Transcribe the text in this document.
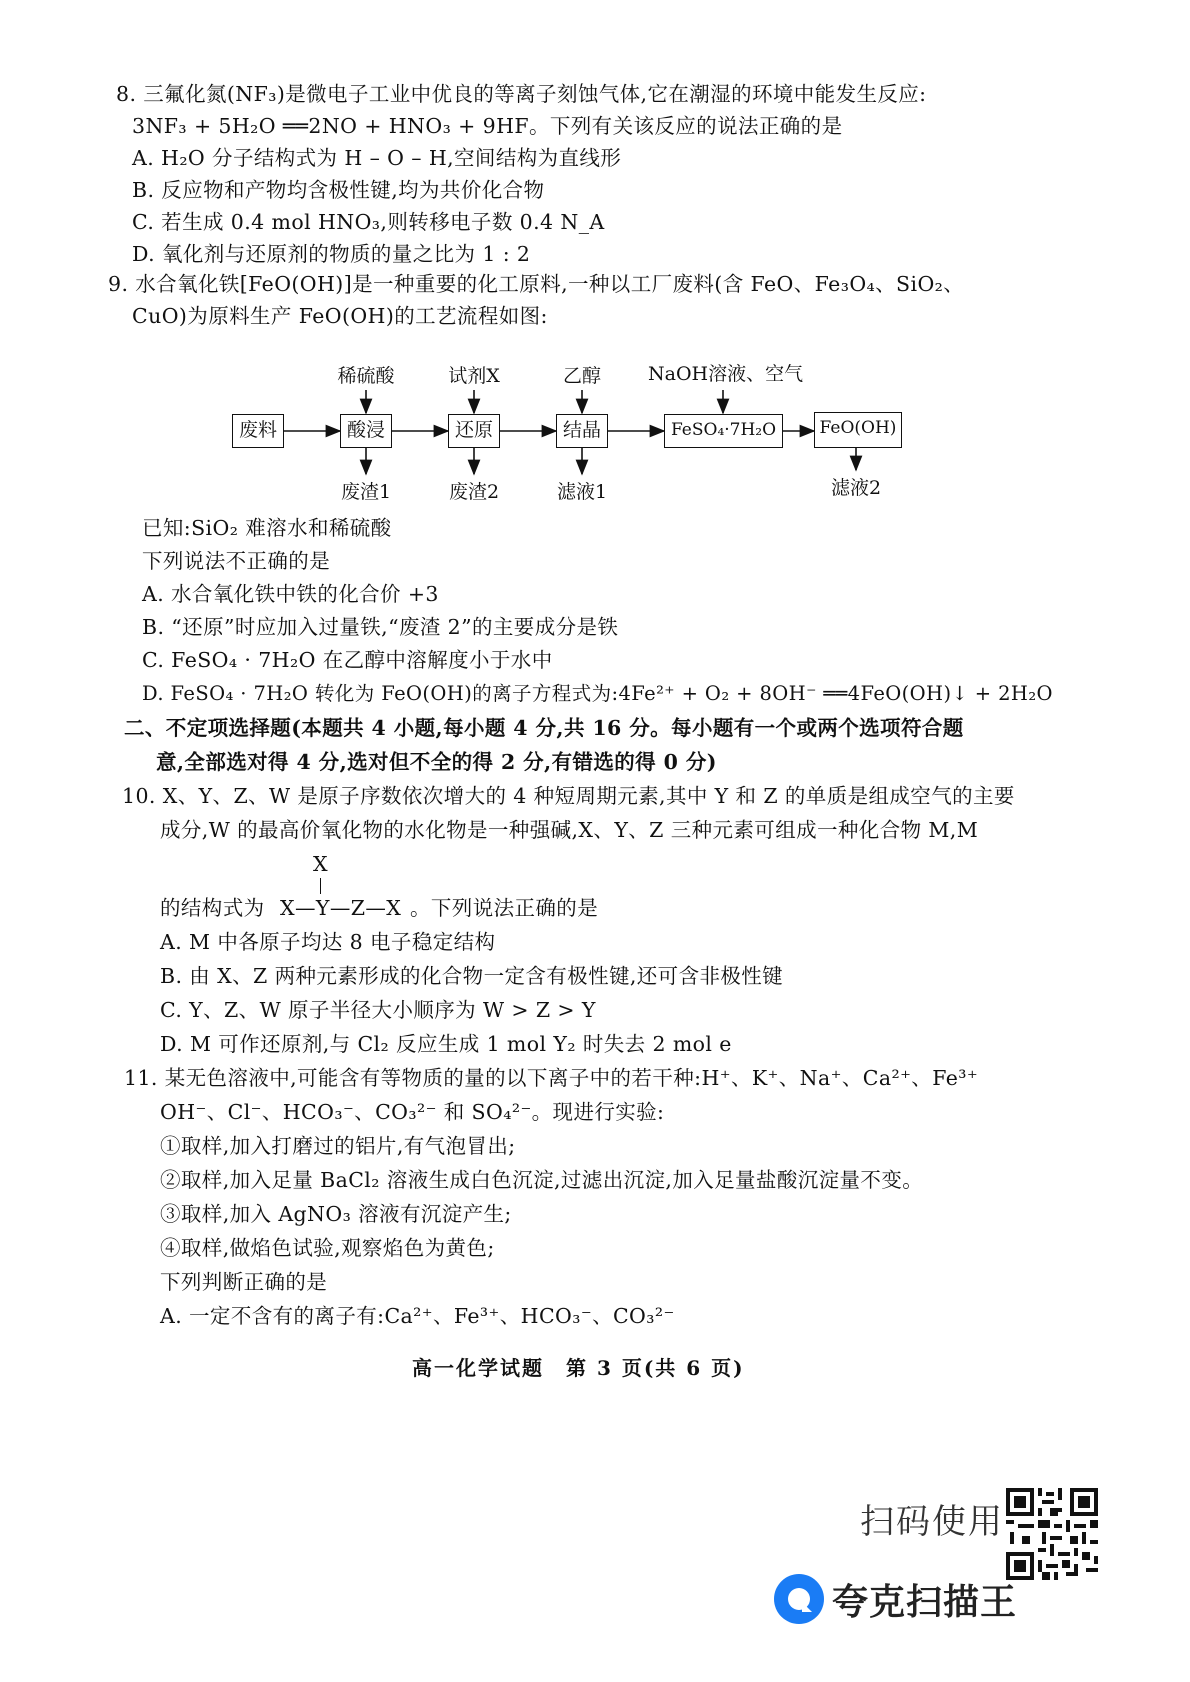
8. 三氟化氮(NF₃)是微电子工业中优良的等离子刻蚀气体,它在潮湿的环境中能发生反应:
3NF₃ + 5H₂O ══2NO + HNO₃ + 9HF。下列有关该反应的说法正确的是
A. H₂O 分子结构式为 H – O – H,空间结构为直线形
B. 反应物和产物均含极性键,均为共价化合物
C. 若生成 0.4 mol HNO₃,则转移电子数 0.4 N_A
D. 氧化剂与还原剂的物质的量之比为 1 : 2
9. 水合氧化铁[FeO(OH)]是一种重要的化工原料,一种以工厂废料(含 FeO、Fe₃O₄、SiO₂、
CuO)为原料生产 FeO(OH)的工艺流程如图:
稀硫酸	试剂X	乙醇	NaOH溶液、空气
废料	酸浸	还原	结晶	FeSO₄·7H₂O	FeO(OH)
废渣1	废渣2	滤液1	滤液2
已知:SiO₂ 难溶水和稀硫酸
下列说法不正确的是
A. 水合氧化铁中铁的化合价 +3
B. “还原”时应加入过量铁,“废渣 2”的主要成分是铁
C. FeSO₄ · 7H₂O 在乙醇中溶解度小于水中
D. FeSO₄ · 7H₂O 转化为 FeO(OH)的离子方程式为:4Fe²⁺ + O₂ + 8OH⁻ ══4FeO(OH)↓ + 2H₂O
二、不定项选择题(本题共 4 小题,每小题 4 分,共 16 分。每小题有一个或两个选项符合题
意,全部选对得 4 分,选对但不全的得 2 分,有错选的得 0 分)
10. X、Y、Z、W 是原子序数依次增大的 4 种短周期元素,其中 Y 和 Z 的单质是组成空气的主要
成分,W 的最高价氧化物的水化物是一种强碱,X、Y、Z 三种元素可组成一种化合物 M,M
X
的结构式为 X—Y—Z—X 。下列说法正确的是
A. M 中各原子均达 8 电子稳定结构
B. 由 X、Z 两种元素形成的化合物一定含有极性键,还可含非极性键
C. Y、Z、W 原子半径大小顺序为 W > Z > Y
D. M 可作还原剂,与 Cl₂ 反应生成 1 mol Y₂ 时失去 2 mol e
11. 某无色溶液中,可能含有等物质的量的以下离子中的若干种:H⁺、K⁺、Na⁺、Ca²⁺、Fe³⁺
OH⁻、Cl⁻、HCO₃⁻、CO₃²⁻ 和 SO₄²⁻。现进行实验:
①取样,加入打磨过的铝片,有气泡冒出;
②取样,加入足量 BaCl₂ 溶液生成白色沉淀,过滤出沉淀,加入足量盐酸沉淀量不变。
③取样,加入 AgNO₃ 溶液有沉淀产生;
④取样,做焰色试验,观察焰色为黄色;
下列判断正确的是
A. 一定不含有的离子有:Ca²⁺、Fe³⁺、HCO₃⁻、CO₃²⁻
高一化学试题　第 3 页(共 6 页)
扫码使用
夸克扫描王
